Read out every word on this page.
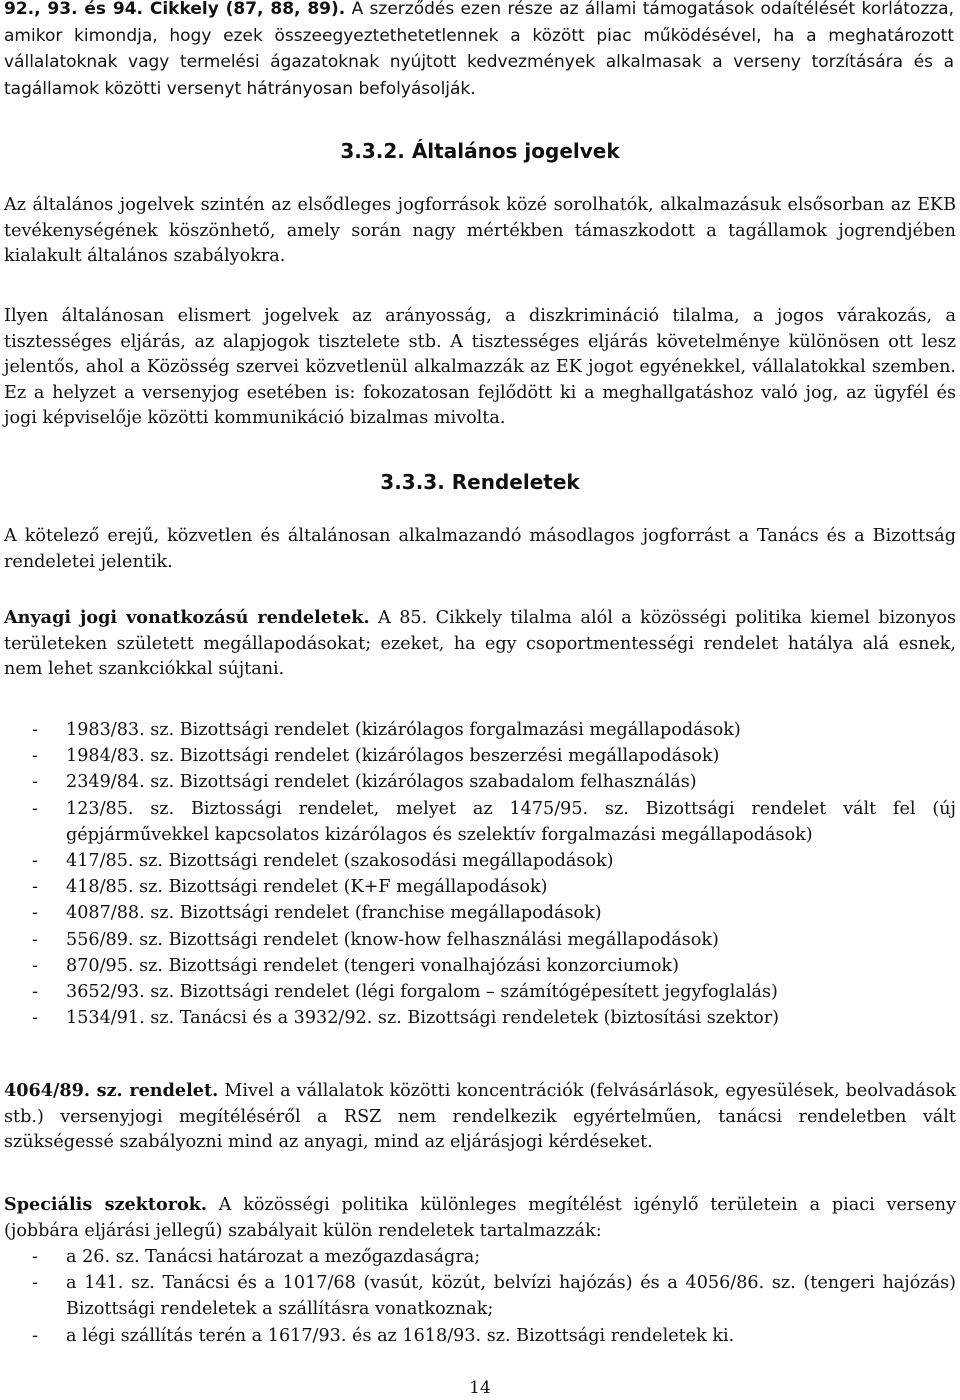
92., 93. és 94. Cikkely (87, 88, 89). A szerződés ezen része az állami támogatások odaítélését korlátozza, amikor kimondja, hogy ezek összeegyeztethetetlennek a között piac működésével, ha a meghatározott vállalatoknak vagy termelési ágazatoknak nyújtott kedvezmények alkalmasak a verseny torzítására és a tagállamok közötti versenyt hátrányosan befolyásolják.
3.3.2. Általános jogelvek

Az általános jogelvek szintén az elsődleges jogforrások közé sorolhatók, alkalmazásuk elsősorban az EKB tevékenységének köszönhető, amely során nagy mértékben támaszkodott a tagállamok jogrendjében kialakult általános szabályokra.

Ilyen általánosan elismert jogelvek az arányosság, a diszkrimináció tilalma, a jogos várakozás, a tisztességes eljárás, az alapjogok tisztelete stb. A tisztességes eljárás követelménye különösen ott lesz jelentős, ahol a Közösség szervei közvetlenül alkalmazzák az EK jogot egyénekkel, vállalatokkal szemben. Ez a helyzet a versenyjog esetében is: fokozatosan fejlődött ki a meghallgatáshoz való jog, az ügyfél és jogi képviselője közötti kommunikáció bizalmas mivolta.

3.3.3. Rendeletek

A kötelező erejű, közvetlen és általánosan alkalmazandó másodlagos jogforrást a Tanács és a Bizottság rendeletei jelentik.

Anyagi jogi vonatkozású rendeletek. A 85. Cikkely tilalma alól a közösségi politika kiemel bizonyos területeken született megállapodásokat; ezeket, ha egy csoportmentességi rendelet hatálya alá esnek, nem lehet szankciókkal sújtani.

- 1983/83. sz. Bizottsági rendelet (kizárólagos forgalmazási megállapodások)
- 1984/83. sz. Bizottsági rendelet (kizárólagos beszerzési megállapodások)
- 2349/84. sz. Bizottsági rendelet (kizárólagos szabadalom felhasználás)
- 123/85. sz. Biztossági rendelet, melyet az 1475/95. sz. Bizottsági rendelet vált fel (új gépjárművekkel kapcsolatos kizárólagos és szelektív forgalmazási megállapodások)
- 417/85. sz. Bizottsági rendelet (szakosodási megállapodások)
- 418/85. sz. Bizottsági rendelet (K+F megállapodások)
- 4087/88. sz. Bizottsági rendelet (franchise megállapodások)
- 556/89. sz. Bizottsági rendelet (know-how felhasználási megállapodások)
- 870/95. sz. Bizottsági rendelet (tengeri vonalhajózási konzorciumok)
- 3652/93. sz. Bizottsági rendelet (légi forgalom – számítógépesített jegyfoglalás)
- 1534/91. sz. Tanácsi és a 3932/92. sz. Bizottsági rendeletek (biztosítási szektor)

4064/89. sz. rendelet. Mivel a vállalatok közötti koncentrációk (felvásárlások, egyesülések, beolvadások stb.) versenyjogi megítéléséről a RSZ nem rendelkezik egyértelműen, tanácsi rendeletben vált szükségessé szabályozni mind az anyagi, mind az eljárásjogi kérdéseket.

Speciális szektorok. A közösségi politika különleges megítélést igénylő területein a piaci verseny (jobbára eljárási jellegű) szabályait külön rendeletek tartalmazzák:

- a 26. sz. Tanácsi határozat a mezőgazdaságra;
- a 141. sz. Tanácsi és a 1017/68 (vasút, közút, belvízi hajózás) és a 4056/86. sz. (tengeri hajózás) Bizottsági rendeletek a szállításra vonatkoznak;
- a légi szállítás terén a 1617/93. és az 1618/93. sz. Bizottsági rendeletek ki.
14
